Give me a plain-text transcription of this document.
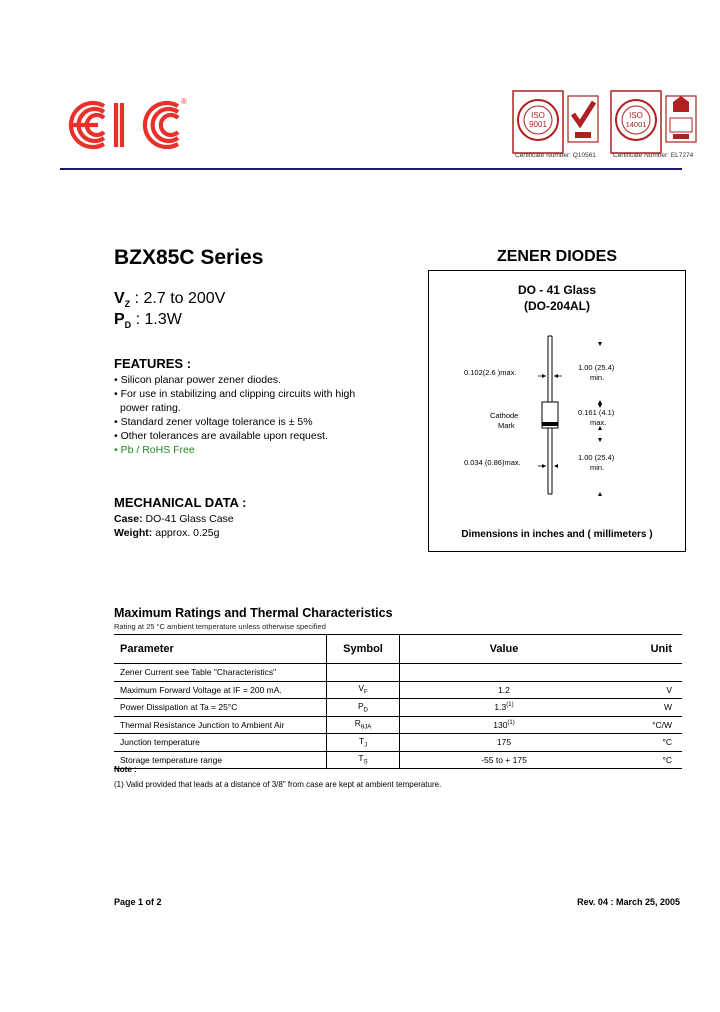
®
ISO
9001
Certificate Number: Q10561
ISO
14001
Certificate Number: EL7274
BZX85C Series
$V_Z$ : 2.7 to 200V
$P_D$ : 1.3W
FEATURES :
• Silicon planar power zener diodes.
• For use in stabilizing and clipping circuits with high
power rating.
• Standard zener voltage tolerance is ± 5%
• Other tolerances are available upon request.
• Pb / RoHS Free
MECHANICAL DATA :
Case: DO-41 Glass Case
Weight: approx. 0.25g
ZENER DIODES
DO - 41 Glass
(DO-204AL)
0.102(2.6 )max.
1.00 (25.4)
min.
0.161 (4.1)
max.
Cathode
Mark
0.034 (0.86)max.
1.00 (25.4)
min.
Dimensions in inches and ( millimeters )
Maximum Ratings and Thermal Characteristics
Rating at 25 °C ambient temperature unless otherwise specified
Parameter	Symbol	Value	Unit
Zener Current see Table "Characteristics"			
Maximum Forward Voltage at IF = 200 mA.	$V_F$	1.2	V
Power Dissipation at Ta = 25°C	$P_D$	1.3$^{(1)}$	W
Thermal Resistance Junction to Ambient Air	$R_{\theta JA}$	130$^{(1)}$	°C/W
Junction temperature	$T_J$	175	°C
Storage temperature range	$T_S$	-55 to + 175	°C
Note :
(1) Valid provided that leads at a distance of 3/8" from case are kept at ambient temperature.
Page 1 of 2	Rev. 04 : March 25, 2005
